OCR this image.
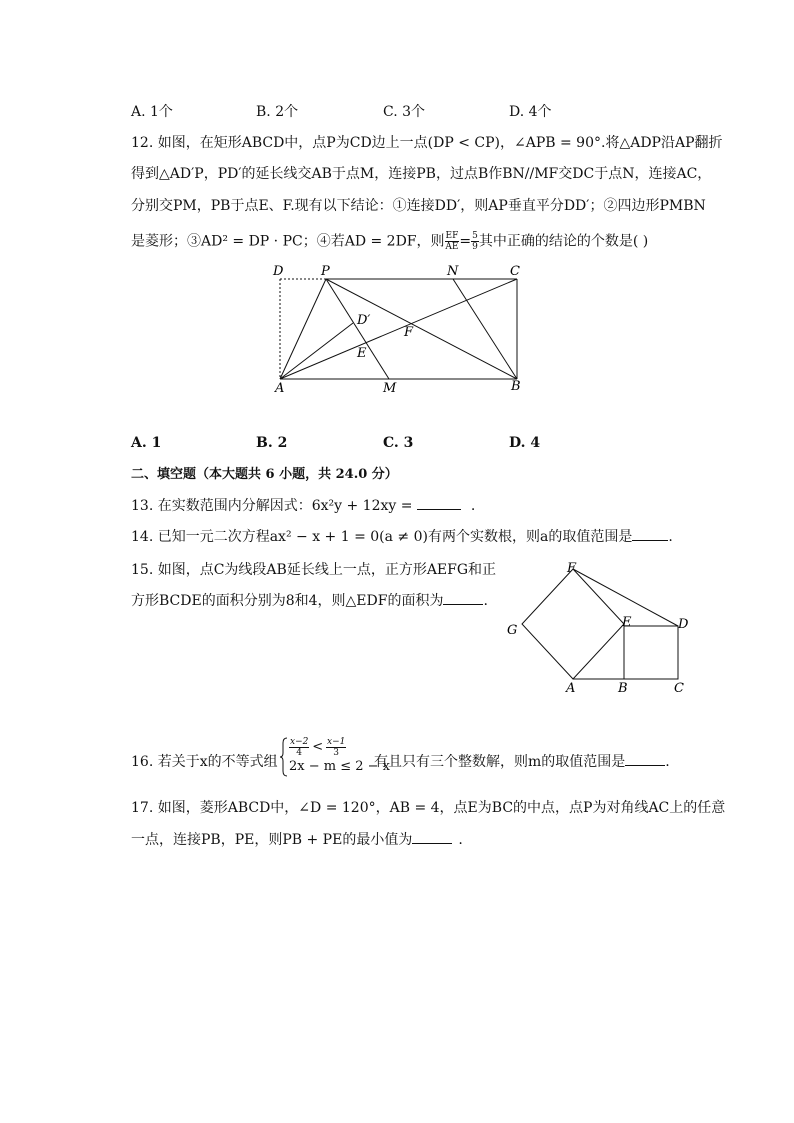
A. 1个	B. 2个	C. 3个	D. 4个
12. 如图，在矩形ABCD中，点P为CD边上一点(DP < CP)，∠APB = 90°.将△ADP沿AP翻折
得到△AD′P，PD′的延长线交AB于点M，连接PB，过点B作BN//MF交DC于点N，连接AC，
分别交PM，PB于点E、F.现有以下结论：①连接DD′，则AP垂直平分DD′；②四边形PMBN
是菱形；③AD² = DP · PC；④若AD = 2DF，则 $\frac{EF}{AE} = \frac{5}{9}$ 其中正确的结论的个数是( )
D	P	N	C
D′
F
E
A	M	B
A. 1	B. 2	C. 3	D. 4
二、填空题（本大题共 6 小题，共 24.0 分）
13. 在实数范围内分解因式：6x²y + 12xy =	.
14. 已知一元二次方程ax² − x + 1 = 0(a ≠ 0)有两个实数根，则a的取值范围是	.
15. 如图，点C为线段AB延长线上一点，正方形AEFG和正
方形BCDE的面积分别为8和4，则△EDF的面积为	.
F
G
E	D
A	B	C
16. 若关于x的不等式组
$\frac{x-2}{4} < \frac{x-1}{3}$
2x − m ≤ 2 − x
有且只有三个整数解，则m的取值范围是	.
17. 如图，菱形ABCD中，∠D = 120°，AB = 4，点E为BC的中点，点P为对角线AC上的任意
一点，连接PB，PE，则PB + PE的最小值为	.
